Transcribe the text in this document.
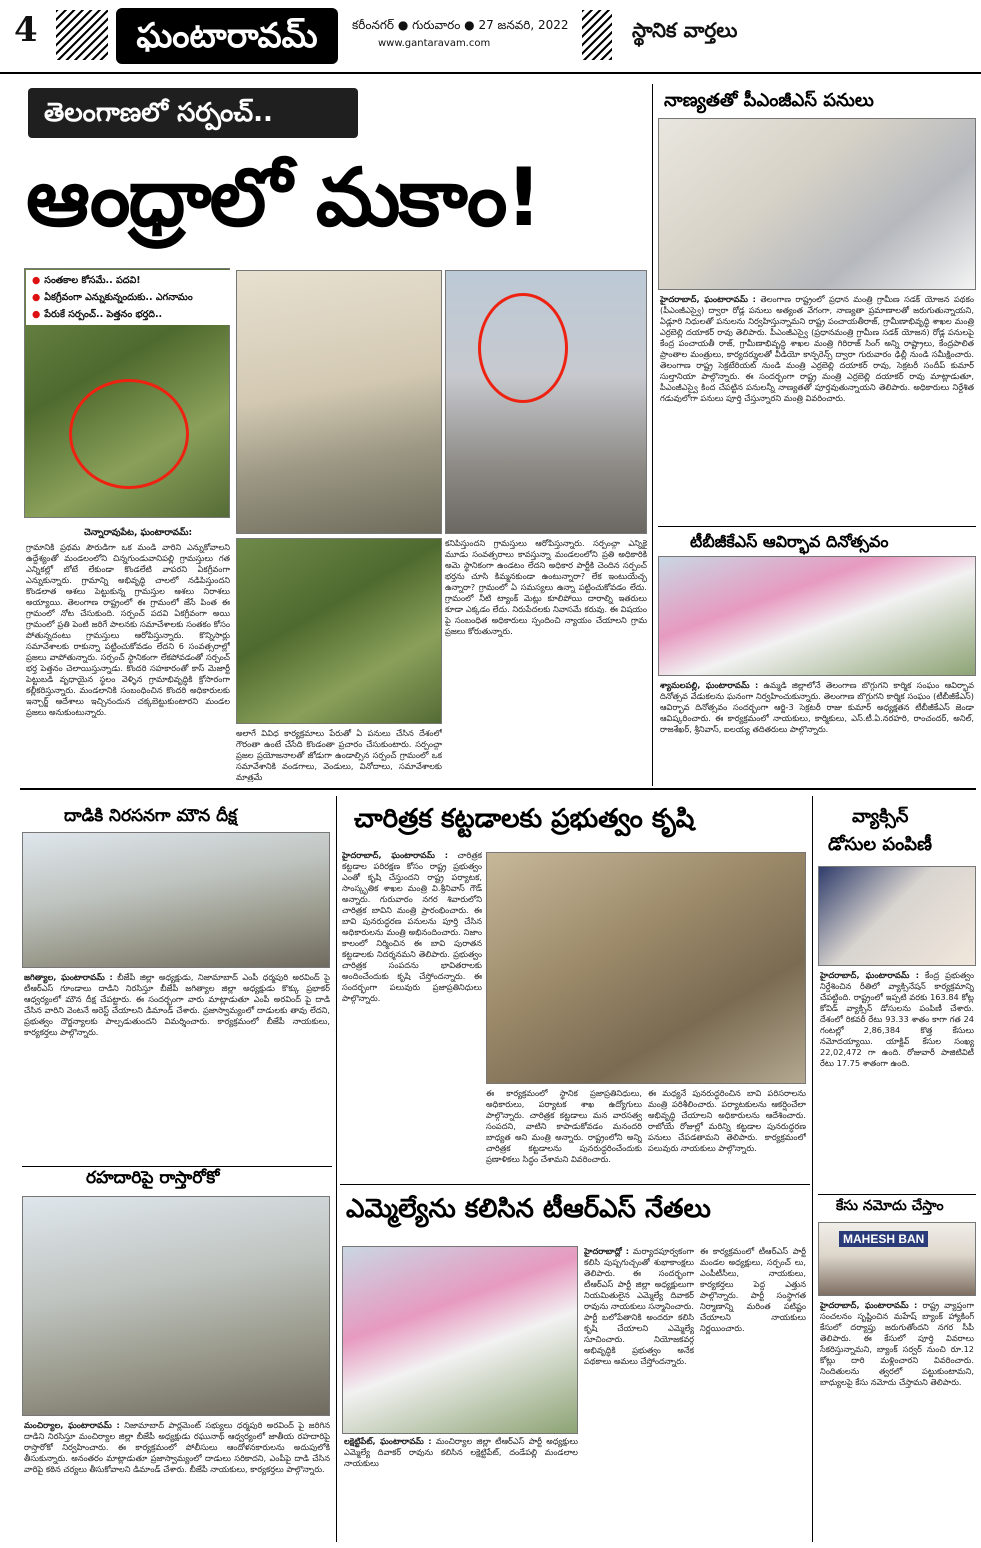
4	ఘంటారావమ్	కరీంనగర్ ● గురువారం ● 27 జనవరి, 2022
www.gantaravam.com
స్థానిక వార్తలు
తెలంగాణలో సర్పంచ్..
ఆంధ్రాలో మకాం!
● సంతకాల కోసమే.. పదవి!
● ఏకగ్రీవంగా ఎన్నుకున్నందుకు.. ఎగనామం
● పేరుకే సర్పంచ్.. పెత్తనం భర్తది..
చెన్నారావుపేట, ఘంటారావమ్:
గ్రామానికి ప్రథమ పౌరుడిగా ఒక మండి వారిని ఎన్నుకోవాలని ఉద్దేశ్యంతో మండలంలోని చిన్నగుండువానిపల్లి గ్రామస్తులు గత ఎన్నికల్లో బోటే లేకుండా కొండలేటి వాపరని ఏకగ్రీవంగా ఎన్నుకున్నారు. గ్రామాన్ని అభివృద్ధి చాలలో నడిపిస్తుందని కొండలాత ఆశలు పెట్టుకున్న గ్రామస్తుల ఆశలు నిరాశలు అయ్యాయి. తెలంగాణ రాష్ట్రంలో ఈ గ్రామంలో జేసే పింత ఈ గ్రామంలో నోట చేసుకుంది. సర్పంచ్ పదవి ఏకగ్రీవంగా అయి గ్రామంలో ప్రతి పెంటి జరిగే పాలనకు సమాచేశాలకు సంతకం కోసం పోతున్నదంటు గ్రామస్తులు ఆరోపిస్తున్నారు. కొన్నిసార్లు సమావేశాలకు రాకున్నా పట్టించుకోవడం లేదని 6 సంవత్సరాల్లో ప్రజలు వాపోతున్నారు. సర్పంచ్ స్థానికంగా లేకపోవడంతో సర్పంచ్ భర్త పెత్తనం చెలాయిస్తున్నాడు. కొందరి సహకారంతో కాస్ మెజార్టీ పెట్టుబడి వృధాయైన స్థలం వెళ్ళిన గ్రామాభివృద్ధికి క్రోసారంగా కల్లీకరిస్తున్నారు. మండలానికి సంబంధించిన కొందరి అధికారులకు ఇన్చార్జ్ ఆదేశాలు ఇచ్చినందున చక్కబెట్టుకుంటారని మండల ప్రజలు అనుకుంటున్నారు.
అలాగే వివిధ కార్యక్రమాలు పేరుతో ఏ పనులు చేసిన దేశంలో గౌరంతా ఉంటే చేసేది కొండంతా ప్రచారం చేసుకుంటారు. సర్పంచ్గా ప్రజల ప్రయోజనాలతో జోడుగా ఉండాల్సిన సర్పంచ్ గ్రామంలో ఒక సమావేశానికి వండగాలు, వెండులు, వినోదాలు, సమావేశాలకు మాత్రమే
కనిపిస్తుందని గ్రామస్తులు ఆరోపిస్తున్నారు. సర్పంచ్గా ఎన్నికై మూడు సంవత్సరాలు కావస్తున్నా మండలంలోని ప్రతి అధికారికి అమె స్థానికంగా ఉండటం లేదని అధికార పార్టీకి చెందిన సర్పంచ్ భర్తను చూసి కిమ్మనకుండా ఉంటున్నారా? లేక ఇంటుయేచ్ఛ ఉన్నారా? గ్రామంలో ఏ సమస్యలు ఉన్నా పట్టించుకోవడం లేదు. గ్రామంలో నీటి ట్యాంక్ మెట్లు కూలిపోయి దారాల్ని ఇతరులు కూడా ఎక్కడం లేదు. నిరుపేదలకు నివాసమే కరువు. ఈ విషయం పై సంబంధిత అధికారులు స్పందించి న్యాయం చేయాలని గ్రామ ప్రజలు కోరుతున్నారు.
నాణ్యతతో పీఎంజీఎస్ పనులు
హైదరాబాద్, ఘంటారావమ్ : తెలంగాణ రాష్ట్రంలో ప్రధాన మంత్రి గ్రామీణ సడక్ యోజన పథకం (పీఎంజీఎస్వై) ద్వారా రోడ్ల పనులు అత్యంత వేగంగా, నాణ్యతా ప్రమాణాలతో జరుగుతున్నాయని, ఏడ్లూరి నిధులతో పనులను నిర్వహిస్తున్నామని రాష్ట్ర పంచాయతీరాజ్, గ్రామీణాభివృద్ధి శాఖల మంత్రి ఎర్రబెల్లి దయాకర్ రావు తెలిపారు. పీఎంజీఎస్వై (ప్రధానమంత్రి గ్రామీణ సడక్ యోజన) రోడ్ల పనులపై కేంద్ర పంచాయతీ రాజ్, గ్రామీణాభివృద్ధి శాఖల మంత్రి గిరిరాజ్ సింగ్ అన్ని రాష్ట్రాలు, కేంద్రపాలిత ప్రాంతాల మంత్రులు, కార్యదర్శులతో వీడియో కాన్ఫరెన్స్ ద్వారా గురువారం ఢిల్లీ నుండి సమీక్షించారు. తెలంగాణ రాష్ట్ర సెక్రటేరియట్ నుండి మంత్రి ఎర్రబెల్లి దయాకర్ రావు, సెక్రటరీ సందీప్ కుమార్ సుల్తానియా పాల్గొన్నారు. ఈ సందర్భంగా రాష్ట్ర మంత్రి ఎర్రబెల్లి దయాకర్ రావు మాట్లాడుతూ, పీఎంజీఎస్వై కింద చేపట్టిన పనులన్నీ నాణ్యతతో పూర్తవుతున్నాయని తెలిపారు. అధికారులు నిర్దేశిత గడువులోగా పనులు పూర్తి చేస్తున్నారని మంత్రి వివరించారు.
టీబీజీకేఎస్ ఆవిర్భావ దినోత్సవం
శ్యామలపల్లి, ఘంటారావమ్ : ఉమ్మడి జిల్లాలోనే తెలంగాణ బొగ్గుగని కార్మిక సంఘం ఆవిర్భావ దినోత్సవ వేడుకలను ఘనంగా నిర్వహించుకున్నారు. తెలంగాణ బొగ్గుగని కార్మిక సంఘం (టీబీజీకేఎస్) ఆవిర్భావ దినోత్సవం సందర్భంగా ఆర్జి-3 సెక్రటరీ రాజు కుమార్ అధ్యక్షతన టీబీజీకేఎస్ జెండా ఆవిష్కరించారు. ఈ కార్యక్రమంలో నాయకులు, కార్మికులు, ఎస్.టీ.ఏ.నరహరి, రాంచందర్, అనిల్, రాజశేఖర్, శ్రీనివాస్, ఐలయ్య తదితరులు పాల్గొన్నారు.
దాడికి నిరసనగా మౌన దీక్ష
జగిత్యాల, ఘంటారావమ్ : బీజేపీ జిల్లా అధ్యక్షుడు, నిజామాబాద్ ఎంపీ ధర్మపురి అరవింద్ పై టీఆర్ఎస్ గూండాలు దాడిని నిరసిస్తూ బీజేపీ జగిత్యాల జిల్లా అధ్యక్షుడు కొక్కు ప్రభాకర్ ఆధ్వర్యంలో మౌన దీక్ష చేపట్టారు. ఈ సందర్భంగా వారు మాట్లాడుతూ ఎంపీ అరవింద్ పై దాడి చేసిన వారిని వెంటనే అరెస్ట్ చేయాలని డిమాండ్ చేశారు. ప్రజాస్వామ్యంలో దాడులకు తావు లేదని, ప్రభుత్వం దౌర్జన్యాలకు పాల్పడుతుందని విమర్శించారు. కార్యక్రమంలో బీజేపీ నాయకులు, కార్యకర్తలు పాల్గొన్నారు.
రహదారిపై రాస్తారోకో
మంచిర్యాల, ఘంటారావమ్ : నిజామాబాద్ పార్లమెంట్ సభ్యులు ధర్మపురి అరవింద్ పై జరిగిన దాడిని నిరసిస్తూ మంచిర్యాల జిల్లా బీజేపీ అధ్యక్షుడు రఘునాథ్ ఆధ్వర్యంలో జాతీయ రహదారిపై రాస్తారోకో నిర్వహించారు. ఈ కార్యక్రమంలో పోలీసులు ఆందోళనకారులను అదుపులోకి తీసుకున్నారు. అనంతరం మాట్లాడుతూ ప్రజాస్వామ్యంలో దాడులు సరికాదని, ఎంపీపై దాడి చేసిన వారిపై కఠిన చర్యలు తీసుకోవాలని డిమాండ్ చేశారు. బీజేపీ నాయకులు, కార్యకర్తలు పాల్గొన్నారు.
చారిత్రక కట్టడాలకు ప్రభుత్వం కృషి
హైదరాబాద్, ఘంటారావమ్ : చారిత్రక కట్టడాల పరిరక్షణ కోసం రాష్ట్ర ప్రభుత్వం ఎంతో కృషి చేస్తుందని రాష్ట్ర పర్యాటక, సాంస్కృతిక శాఖల మంత్రి వి.శ్రీనివాస్ గౌడ్ అన్నారు. గురువారం నగర శివారులోని చారిత్రక బావిని మంత్రి ప్రారంభించారు. ఈ బావి పునరుద్ధరణ పనులను పూర్తి చేసిన అధికారులను మంత్రి అభినందించారు. నిజాం కాలంలో నిర్మించిన ఈ బావి పురాతన కట్టడాలకు నిదర్శనమని తెలిపారు. ప్రభుత్వం చారిత్రక సంపదను భావితరాలకు అందించేందుకు కృషి చేస్తోందన్నారు. ఈ సందర్భంగా పలువురు ప్రజాప్రతినిధులు పాల్గొన్నారు.
ఈ కార్యక్రమంలో స్థానిక ప్రజాప్రతినిధులు, అధికారులు, పర్యాటక శాఖ ఉద్యోగులు పాల్గొన్నారు. చారిత్రక కట్టడాలు మన వారసత్వ సంపదని, వాటిని కాపాడుకోవడం మనందరి బాధ్యత అని మంత్రి అన్నారు. రాష్ట్రంలోని అన్ని చారిత్రక కట్టడాలను పునరుద్ధరించేందుకు ప్రణాళికలు సిద్ధం చేశామని వివరించారు.
ఈ మధ్యనే పునరుద్ధరించిన బావి పరిసరాలను మంత్రి పరిశీలించారు. పర్యాటకులను ఆకర్షించేలా అభివృద్ధి చేయాలని అధికారులను ఆదేశించారు. రాబోయే రోజుల్లో మరిన్ని కట్టడాల పునరుద్ధరణ పనులు చేపడతామని తెలిపారు. కార్యక్రమంలో పలువురు నాయకులు పాల్గొన్నారు.
ఎమ్మెల్యేను కలిసిన టీఆర్ఎస్ నేతలు
లక్షెట్టిపేట్, ఘంటారావమ్ : మంచిర్యాల జిల్లా టీఆర్ఎస్ పార్టీ అధ్యక్షులు ఎమ్మెల్యే దివాకర్ రావును కలిసిన లక్షెట్టిపేట్, దండేపల్లి మండలాల నాయకులు
హైదరాబాద్లో : మర్యాదపూర్వకంగా కలిసి పుష్పగుచ్చంతో శుభాకాంక్షలు తెలిపారు. ఈ సందర్భంగా టీఆర్ఎస్ పార్టీ జిల్లా అధ్యక్షులుగా నియమితులైన ఎమ్మెల్యే దివాకర్ రావును నాయకులు సన్మానించారు. పార్టీ బలోపేతానికి అందరూ కలిసి కృషి చేయాలని ఎమ్మెల్యే సూచించారు. నియోజకవర్గ అభివృద్ధికి ప్రభుత్వం అనేక పథకాలు అమలు చేస్తోందన్నారు.
ఈ కార్యక్రమంలో టీఆర్ఎస్ పార్టీ మండల అధ్యక్షులు, సర్పంచ్ లు, ఎంపీటీసీలు, నాయకులు, కార్యకర్తలు పెద్ద ఎత్తున పాల్గొన్నారు. పార్టీ సంస్థాగత నిర్మాణాన్ని మరింత పటిష్టం చేయాలని నాయకులు నిర్ణయించారు.
వ్యాక్సిన్
డోసుల పంపిణీ
హైదరాబాద్, ఘంటారావమ్ : కేంద్ర ప్రభుత్వం నిర్దేశించిన రీతిలో వ్యాక్సినేషన్ కార్యక్రమాన్ని చేపట్టింది. రాష్ట్రంలో ఇప్పటి వరకు 163.84 కోట్ల కోవిడ్ వ్యాక్సిన్ డోసులను పంపిణీ చేశారు. దేశంలో రికవరీ రేటు 93.33 శాతం కాగా గత 24 గంటల్లో 2,86,384 కొత్త కేసులు నమోదయ్యాయి. యాక్టివ్ కేసుల సంఖ్య 22,02,472 గా ఉంది. రోజువారీ పాజిటివిటీ రేటు 17.75 శాతంగా ఉంది.
కేసు నమోదు చేస్తాం
MAHESH BAN
హైదరాబాద్, ఘంటారావమ్ : రాష్ట్ర వ్యాప్తంగా సంచలనం సృష్టించిన మహేష్ బ్యాంక్ హ్యాకింగ్ కేసులో దర్యాప్తు జరుగుతోందని నగర సీపీ తెలిపారు. ఈ కేసులో పూర్తి వివరాలు సేకరిస్తున్నామని, బ్యాంక్ సర్వర్ నుంచి రూ.12 కోట్లు దారి మళ్లించారని వివరించారు. నిందితులను త్వరలో పట్టుకుంటామని, బాధ్యులపై కేసు నమోదు చేస్తామని తెలిపారు.
